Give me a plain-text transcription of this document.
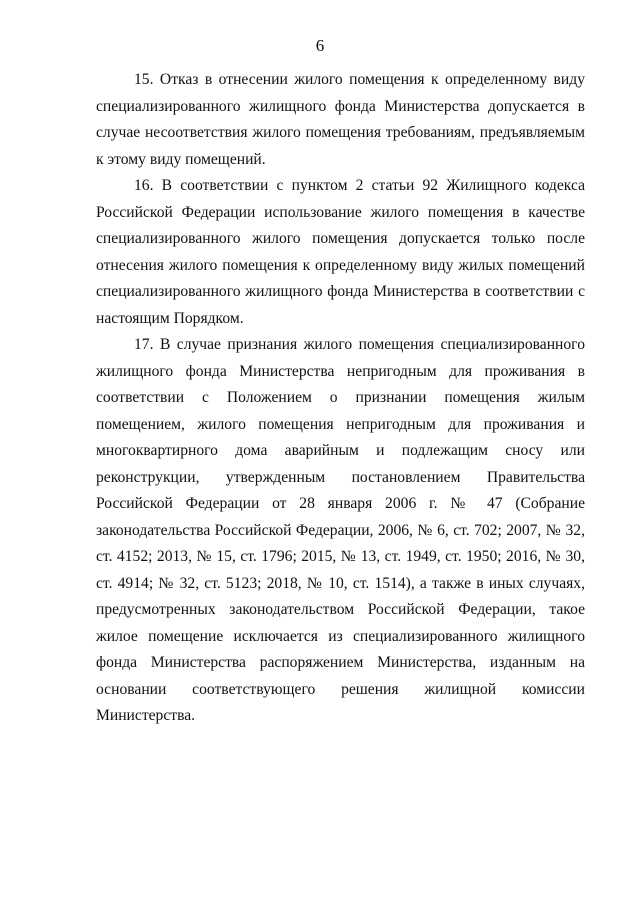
6

15. Отказ в отнесении жилого помещения к определенному виду специализированного жилищного фонда Министерства допускается в случае несоответствия жилого помещения требованиям, предъявляемым к этому виду помещений.

16. В соответствии с пунктом 2 статьи 92 Жилищного кодекса Российской Федерации использование жилого помещения в качестве специализированного жилого помещения допускается только после отнесения жилого помещения к определенному виду жилых помещений специализированного жилищного фонда Министерства в соответствии с настоящим Порядком.

17. В случае признания жилого помещения специализированного жилищного фонда Министерства непригодным для проживания в соответствии с Положением о признании помещения жилым помещением, жилого помещения непригодным для проживания и многоквартирного дома аварийным и подлежащим сносу или реконструкции, утвержденным постановлением Правительства Российской Федерации от 28 января 2006 г. № 47 (Собрание законодательства Российской Федерации, 2006, № 6, ст. 702; 2007, № 32, ст. 4152; 2013, № 15, ст. 1796; 2015, № 13, ст. 1949, ст. 1950; 2016, № 30, ст. 4914; № 32, ст. 5123; 2018, № 10, ст. 1514), а также в иных случаях, предусмотренных законодательством Российской Федерации, такое жилое помещение исключается из специализированного жилищного фонда Министерства распоряжением Министерства, изданным на основании соответствующего решения жилищной комиссии Министерства.
